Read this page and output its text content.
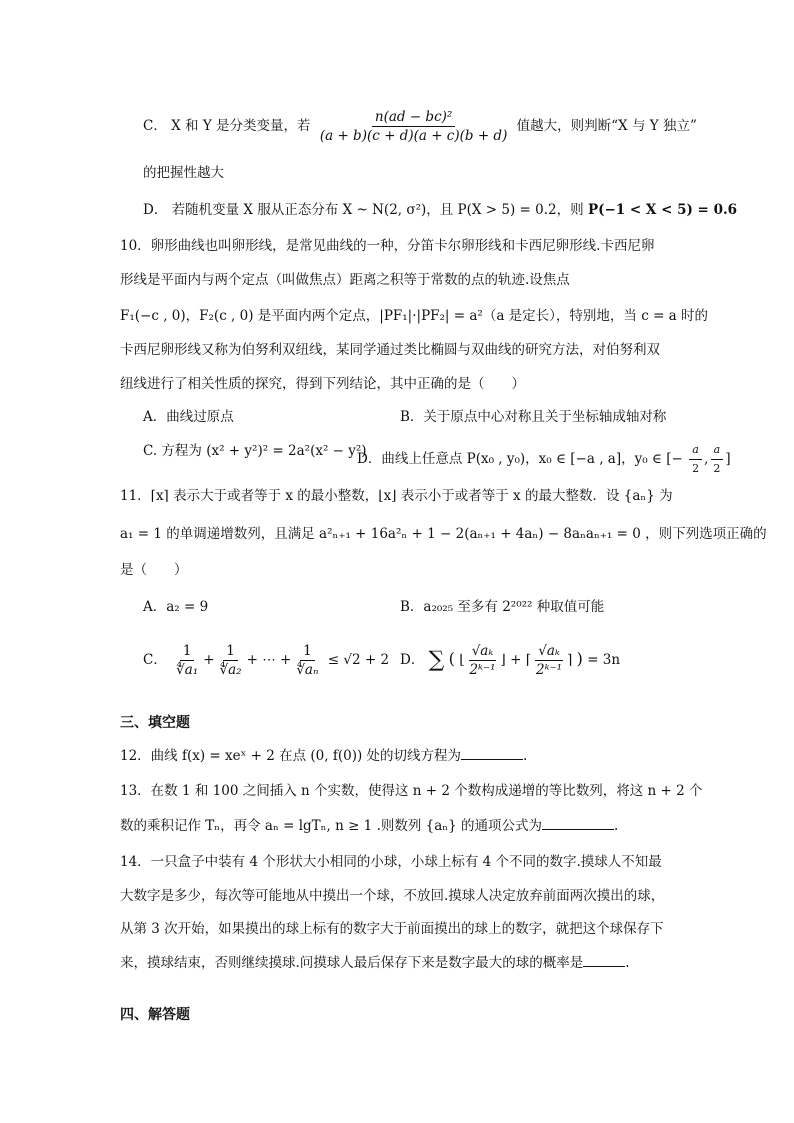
C． X 和 Y 是分类变量，若 $\frac{\text{n(ad − bc)²}}{(a + b)(c + d)(a + c)(b + d)}$ 值越大，则判断“X 与 Y 独立”
的把握性越大
D． 若随机变量 X 服从正态分布 X ~ N(2, σ²)，且 P(X > 5) = 0.2，则 P(−1 < X < 5) = 0.6
10．卵形曲线也叫卵形线，是常见曲线的一种，分笛卡尔卵形线和卡西尼卵形线.卡西尼卵
形线是平面内与两个定点（叫做焦点）距离之积等于常数的点的轨迹.设焦点
F₁(−c , 0)，F₂(c , 0) 是平面内两个定点，|PF₁|·|PF₂| = a²（a 是定长），特别地，当 c = a 时的
卡西尼卵形线又称为伯努利双纽线，某同学通过类比椭圆与双曲线的研究方法，对伯努利双
纽线进行了相关性质的探究，得到下列结论，其中正确的是（　　）
A．曲线过原点	B．关于原点中心对称且关于坐标轴成轴对称
C. 方程为 (x² + y²)² = 2a²(x² − y²)
D．曲线上任意点 P(x₀ , y₀)，x₀ ∈ [−a , a]，y₀ ∈ [− $\frac{a}{2}$ , $\frac{a}{2}$ ]
11．⌈x⌉ 表示大于或者等于 x 的最小整数，⌊x⌋ 表示小于或者等于 x 的最大整数．设 {aₙ} 为
a₁ = 1 的单调递增数列，且满足 a²ₙ₊₁ + 16a²ₙ + 1 − 2(aₙ₊₁ + 4aₙ) − 8aₙaₙ₊₁ = 0 ，则下列选项正确的
是（　　）
A．a₂ = 9	B．a₂₀₂₅ 至多有 2²⁰²² 种取值可能
C． $\frac{1}{\text{∜a₁}} + \frac{1}{\text{∜a₂}}$ + ⋯ + $\frac{1}{\text{∜aₙ}} \le √2 + 2$ D． ∑ ( ⌊ $\frac{\text{√aₖ}}{\text{2ᵏ⁻¹}}$ ⌋ + ⌈ $\frac{\text{√aₖ}}{\text{2ᵏ⁻¹}}$ ⌉ ) = 3n
三、填空题
12．曲线 f(x) = xeˣ + 2 在点 (0, f(0)) 处的切线方程为	.
13．在数 1 和 100 之间插入 n 个实数，使得这 n + 2 个数构成递增的等比数列，将这 n + 2 个
数的乘积记作 Tₙ，再令 aₙ = lgTₙ, n ≥ 1 .则数列 {aₙ} 的通项公式为	.
14．一只盒子中装有 4 个形状大小相同的小球，小球上标有 4 个不同的数字.摸球人不知最
大数字是多少，每次等可能地从中摸出一个球，不放回.摸球人决定放弃前面两次摸出的球，
从第 3 次开始，如果摸出的球上标有的数字大于前面摸出的球上的数字，就把这个球保存下
来，摸球结束，否则继续摸球.问摸球人最后保存下来是数字最大的球的概率是	.
四、解答题
